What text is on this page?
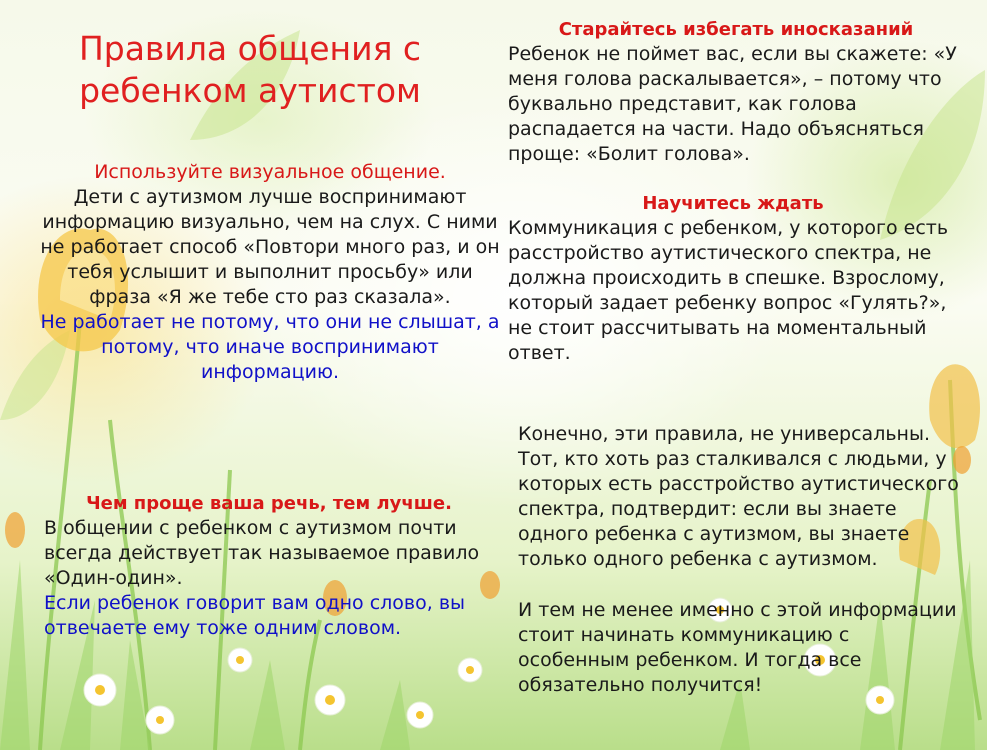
Правила общения с ребенком аутистом
Используйте визуальное общение.
Дети с аутизмом лучше воспринимают информацию визуально, чем на слух. С ними не работает способ «Повтори много раз, и он тебя услышит и выполнит просьбу» или фраза «Я же тебе сто раз сказала».
Не работает не потому, что они не слышат, а потому, что иначе воспринимают информацию.
Чем проще ваша речь, тем лучше.
В общении с ребенком с аутизмом почти всегда действует так называемое правило «Один-один».
Если ребенок говорит вам одно слово, вы отвечаете ему тоже одним словом.
Старайтесь избегать иносказаний
Ребенок не поймет вас, если вы скажете: «У меня голова раскалывается», – потому что буквально представит, как голова распадается на части. Надо объясняться проще: «Болит голова».
Научитесь ждать
Коммуникация с ребенком, у которого есть расстройство аутистического спектра, не должна происходить в спешке. Взрослому, который задает ребенку вопрос «Гулять?», не стоит рассчитывать на моментальный ответ.
Конечно, эти правила, не универсальны. Тот, кто хоть раз сталкивался с людьми, у которых есть расстройство аутистического спектра, подтвердит: если вы знаете одного ребенка с аутизмом, вы знаете только одного ребенка с аутизмом.
И тем не менее именно с этой информации стоит начинать коммуникацию с особенным ребенком. И тогда все обязательно получится!
